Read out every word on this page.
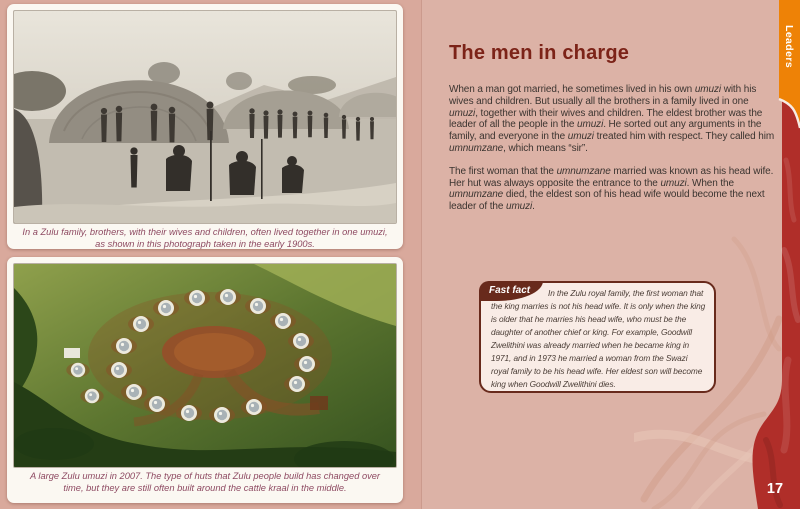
In a Zulu family, brothers, with their wives and children, often lived together in one umuzi, as shown in this photograph taken in the early 1900s.
A large Zulu umuzi in 2007. The type of huts that Zulu people build has changed over time, but they are still often built around the cattle kraal in the middle.
The men in charge

When a man got married, he sometimes lived in his own umuzi with his wives and children. But usually all the brothers in a family lived in one umuzi, together with their wives and children. The eldest brother was the leader of all the people in the umuzi. He sorted out any arguments in the family, and everyone in the umuzi treated him with respect. They called him umnumzane, which means “sir”.

The first woman that the umnumzane married was known as his head wife. Her hut was always opposite the entrance to the umuzi. When the umnumzane died, the eldest son of his head wife would become the next leader of the umuzi.

Fast fact	In the Zulu royal family, the first woman that the king marries is not his head wife. It is only when the king is older that he marries his head wife, who must be the daughter of another chief or king. For example, Goodwill Zwelithini was already married when he became king in 1971, and in 1973 he married a woman from the Swazi royal family to be his head wife. Her eldest son will become king when Goodwill Zwelithini dies.

Leaders
17
